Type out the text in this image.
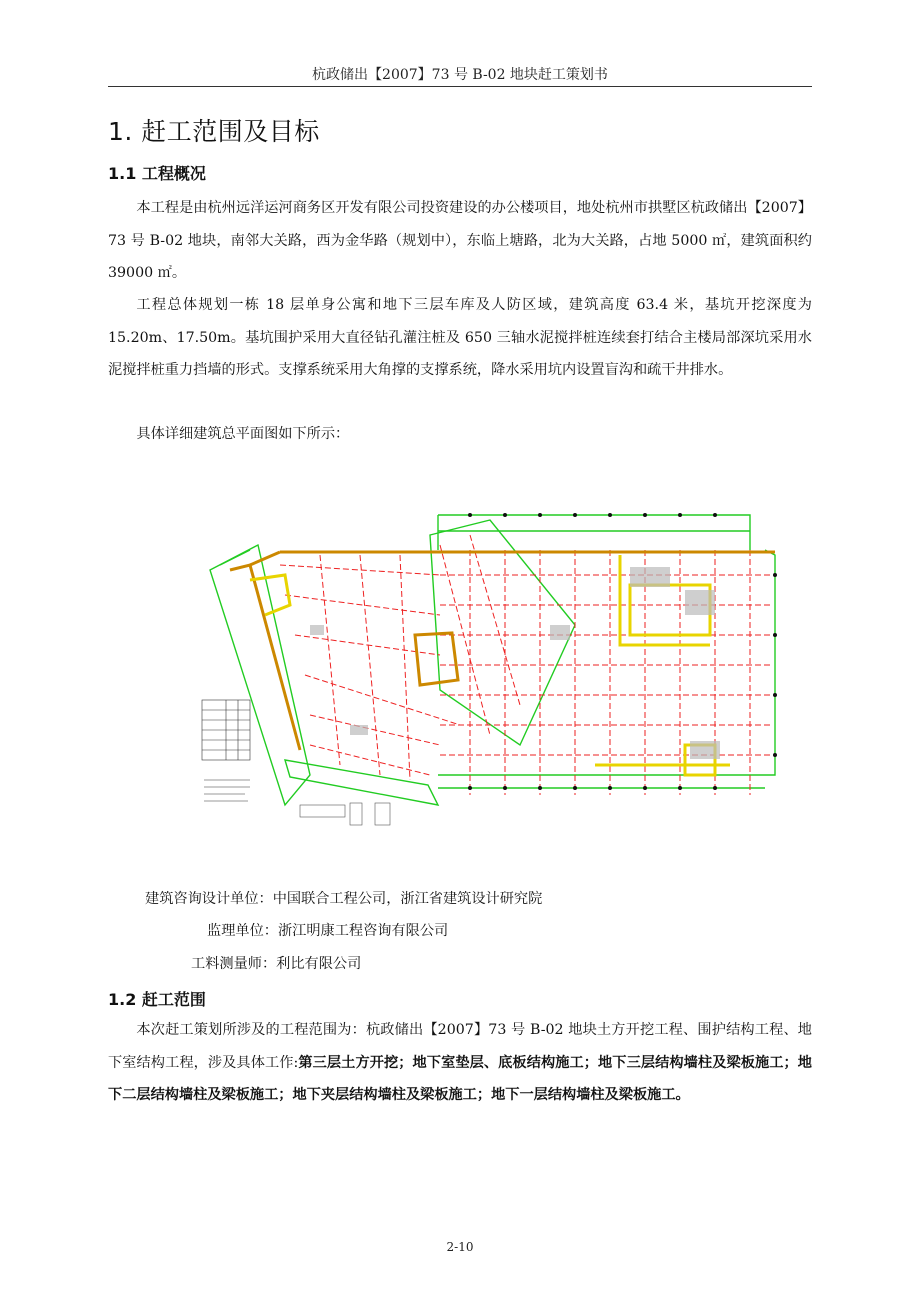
杭政储出【2007】73 号 B-02 地块赶工策划书
1. 赶工范围及目标
1.1 工程概况

本工程是由杭州远洋运河商务区开发有限公司投资建设的办公楼项目，地处杭州市拱墅区杭政储出【2007】73 号 B-02 地块，南邻大关路，西为金华路（规划中），东临上塘路，北为大关路，占地 5000 ㎡，建筑面积约 39000 ㎡。

工程总体规划一栋 18 层单身公寓和地下三层车库及人防区域，建筑高度 63.4 米，基坑开挖深度为 15.20m、17.50m。基坑围护采用大直径钻孔灌注桩及 650 三轴水泥搅拌桩连续套打结合主楼局部深坑采用水泥搅拌桩重力挡墙的形式。支撑系统采用大角撑的支撑系统，降水采用坑内设置盲沟和疏干井排水。

具体详细建筑总平面图如下所示：

建筑咨询设计单位：中国联合工程公司，浙江省建筑设计研究院
监理单位：浙江明康工程咨询有限公司
工料测量师：利比有限公司
1.2 赶工范围

本次赶工策划所涉及的工程范围为：杭政储出【2007】73 号 B-02 地块土方开挖工程、围护结构工程、地下室结构工程，涉及具体工作:第三层土方开挖；地下室垫层、底板结构施工；地下三层结构墙柱及梁板施工；地下二层结构墙柱及梁板施工；地下夹层结构墙柱及梁板施工；地下一层结构墙柱及梁板施工。

2-10
